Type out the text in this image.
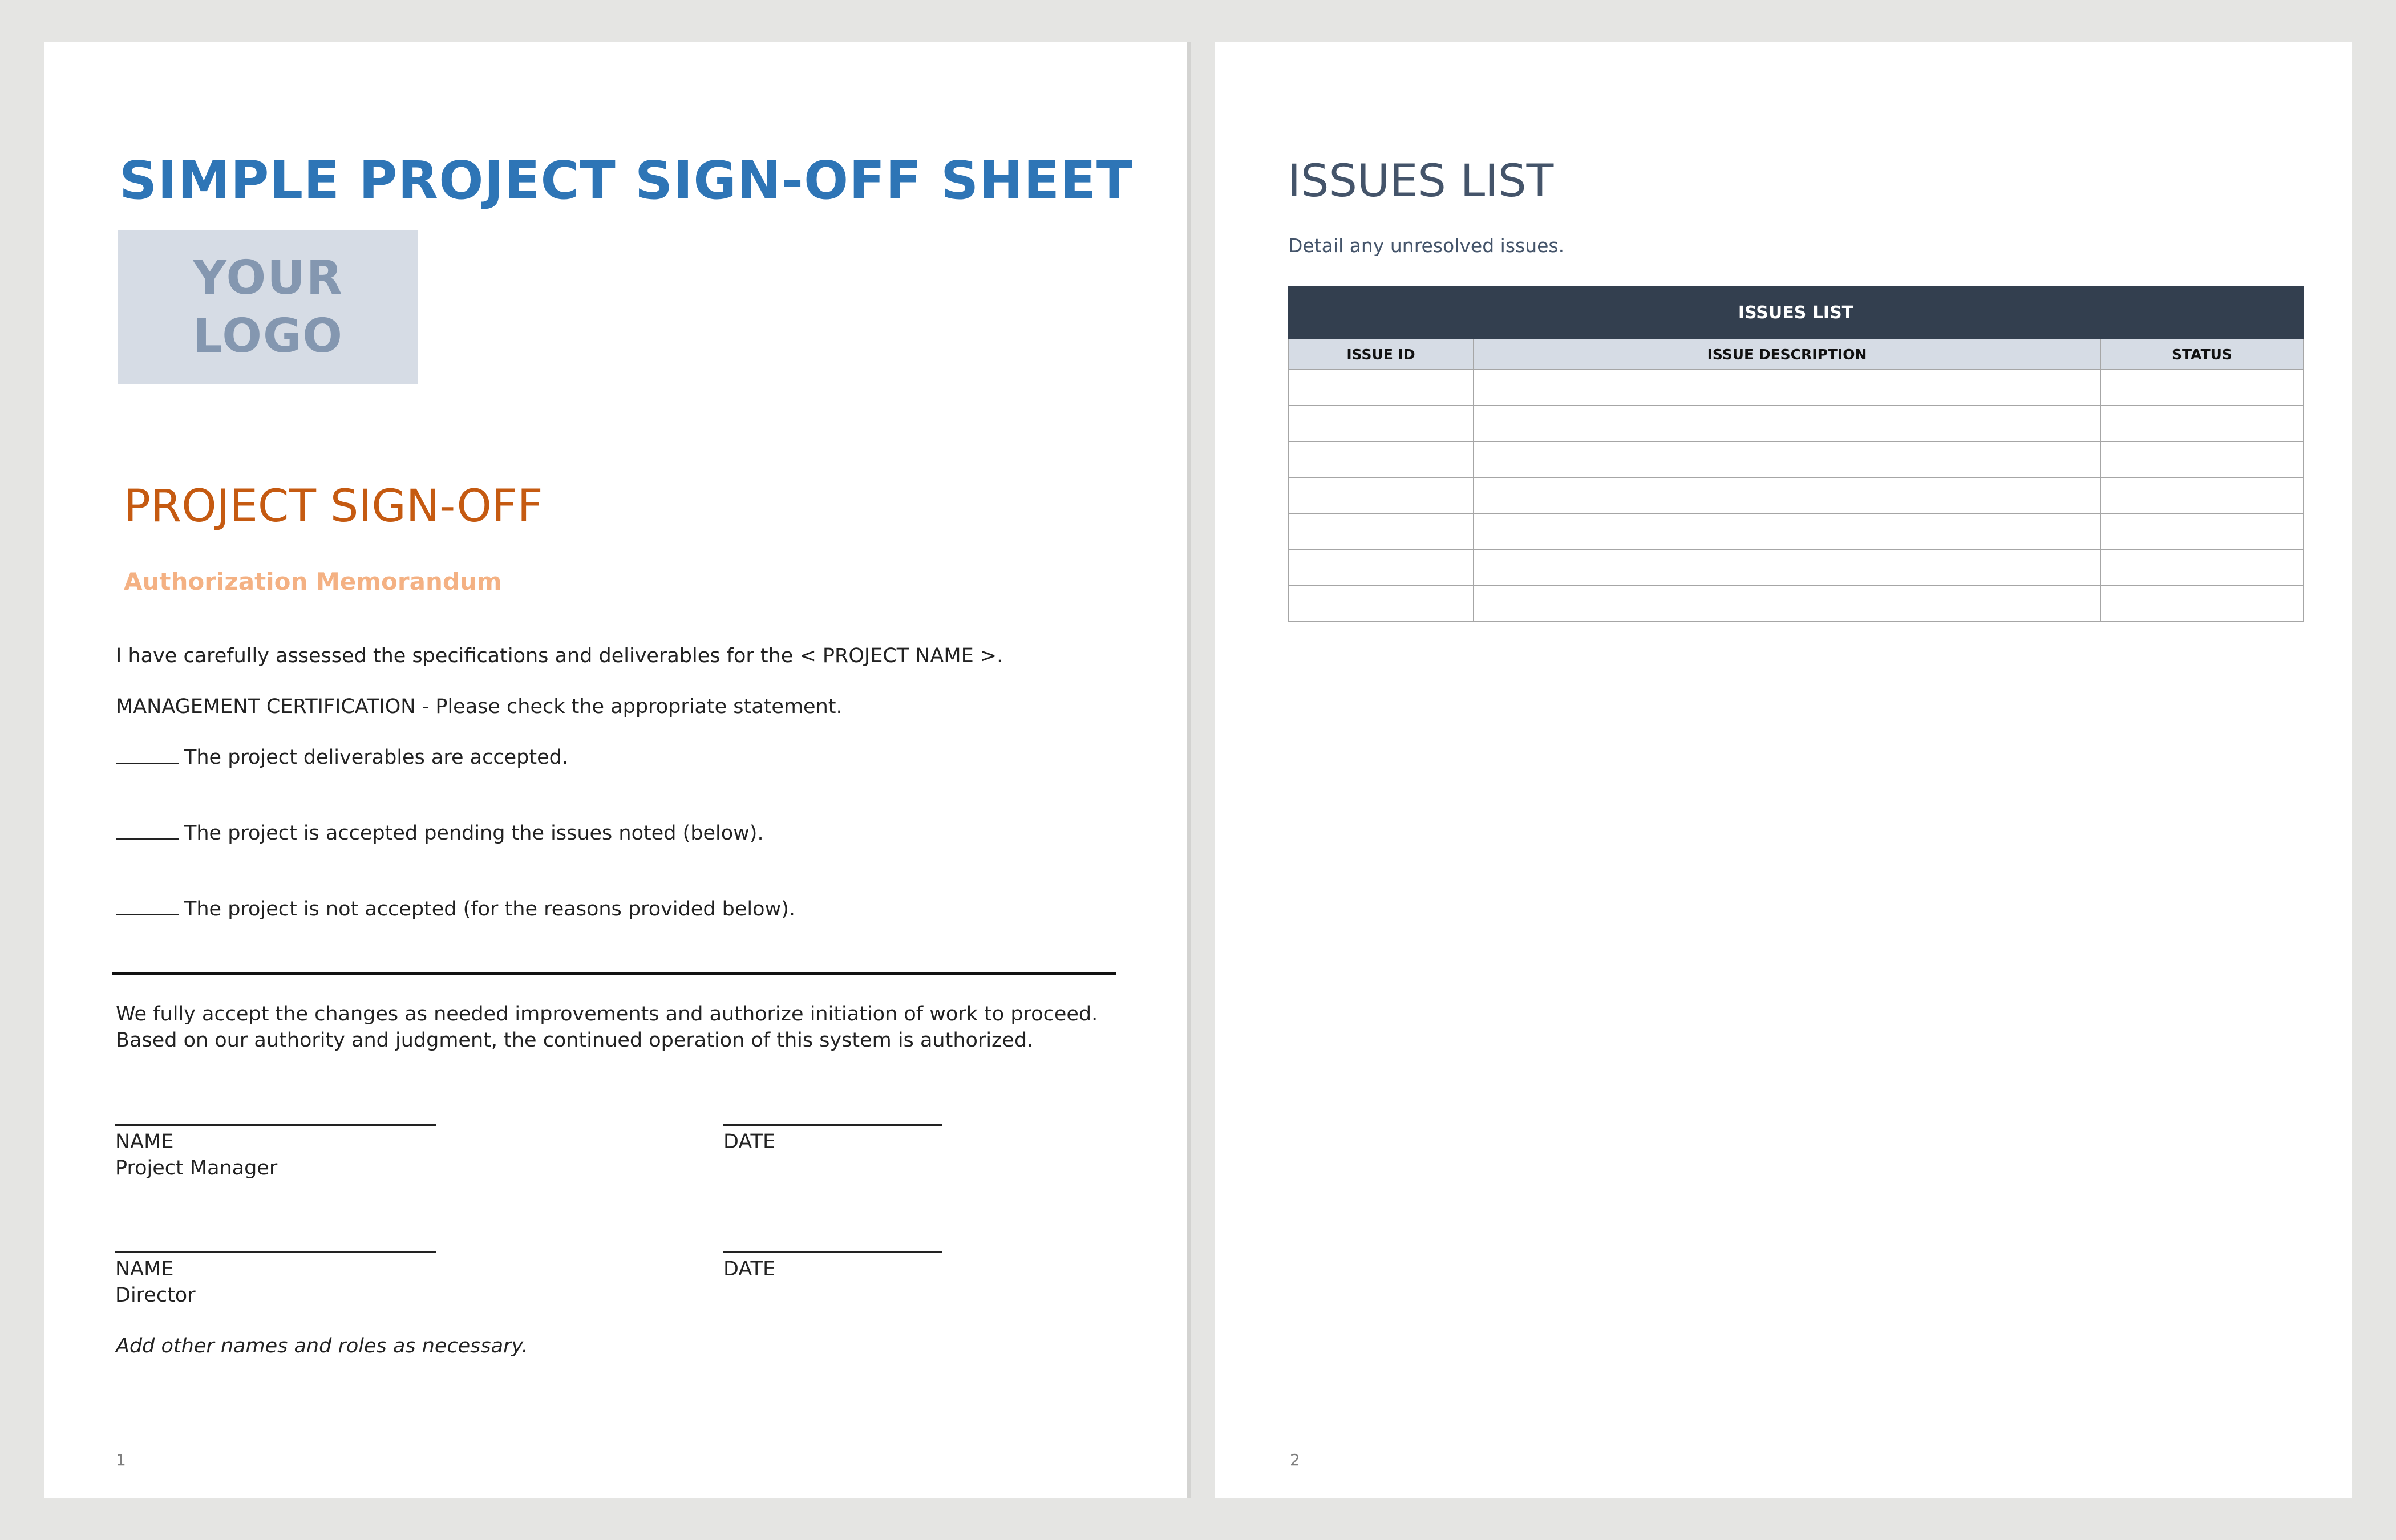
SIMPLE PROJECT SIGN-OFF SHEET
YOUR
LOGO
PROJECT SIGN-OFF
Authorization Memorandum

I have carefully assessed the specifications and deliverables for the < PROJECT NAME >.

MANAGEMENT CERTIFICATION - Please check the appropriate statement.

The project deliverables are accepted.

The project is accepted pending the issues noted (below).

The project is not accepted (for the reasons provided below).

We fully accept the changes as needed improvements and authorize initiation of work to proceed.

Based on our authority and judgment, the continued operation of this system is authorized.

NAME
Project Manager
DATE
NAME
Director
DATE

Add other names and roles as necessary.

1
ISSUES LIST

Detail any unresolved issues.

ISSUES LIST		
ISSUE ID	ISSUE DESCRIPTION	STATUS

2
